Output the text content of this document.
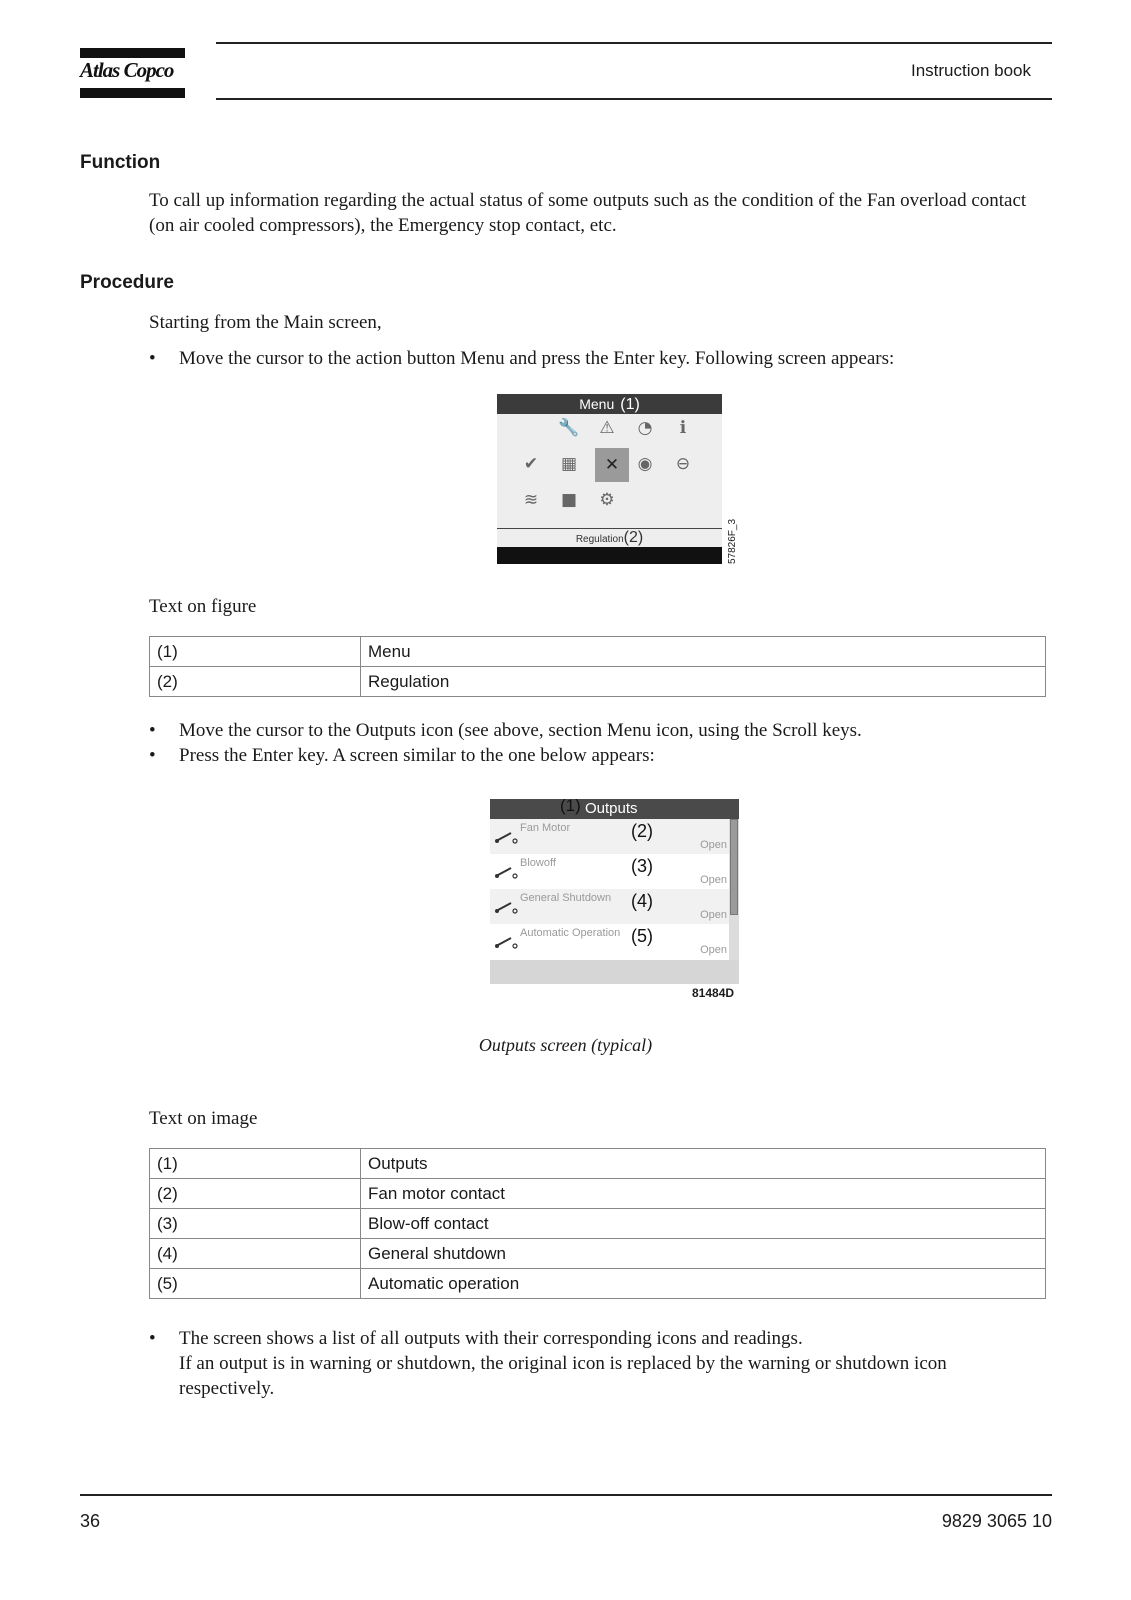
Atlas Copco	Instruction book
Function

To call up information regarding the actual status of some outputs such as the condition of the Fan overload contact (on air cooled compressors), the Emergency stop contact, etc.

Procedure

Starting from the Main screen,

• Move the cursor to the action button Menu and press the Enter key. Following screen appears:
Menu (1)
🔧 ⚠ ◔	ℹ
✔ ▦	✕	◉ ⊖
≋ ■ ⚙
Regulation(2)	57826F_3

Text on figure

(1)	Menu
(2)	Regulation
• Move the cursor to the Outputs icon (see above, section Menu icon, using the Scroll keys.
• Press the Enter key. A screen similar to the one below appears:
(1) Outputs
Fan Motor	(2)
Open
Blowoff	(3)
Open
General Shutdown (4)
Open
Automatic Operation (5)
Open
81484D
Outputs screen (typical)

Text on image

(1)	Outputs
(2)	Fan motor contact
(3)	Blow-off contact
(4)	General shutdown
(5)	Automatic operation
• The screen shows a list of all outputs with their corresponding icons and readings.
If an output is in warning or shutdown, the original icon is replaced by the warning or shutdown icon respectively.
36	9829 3065 10
